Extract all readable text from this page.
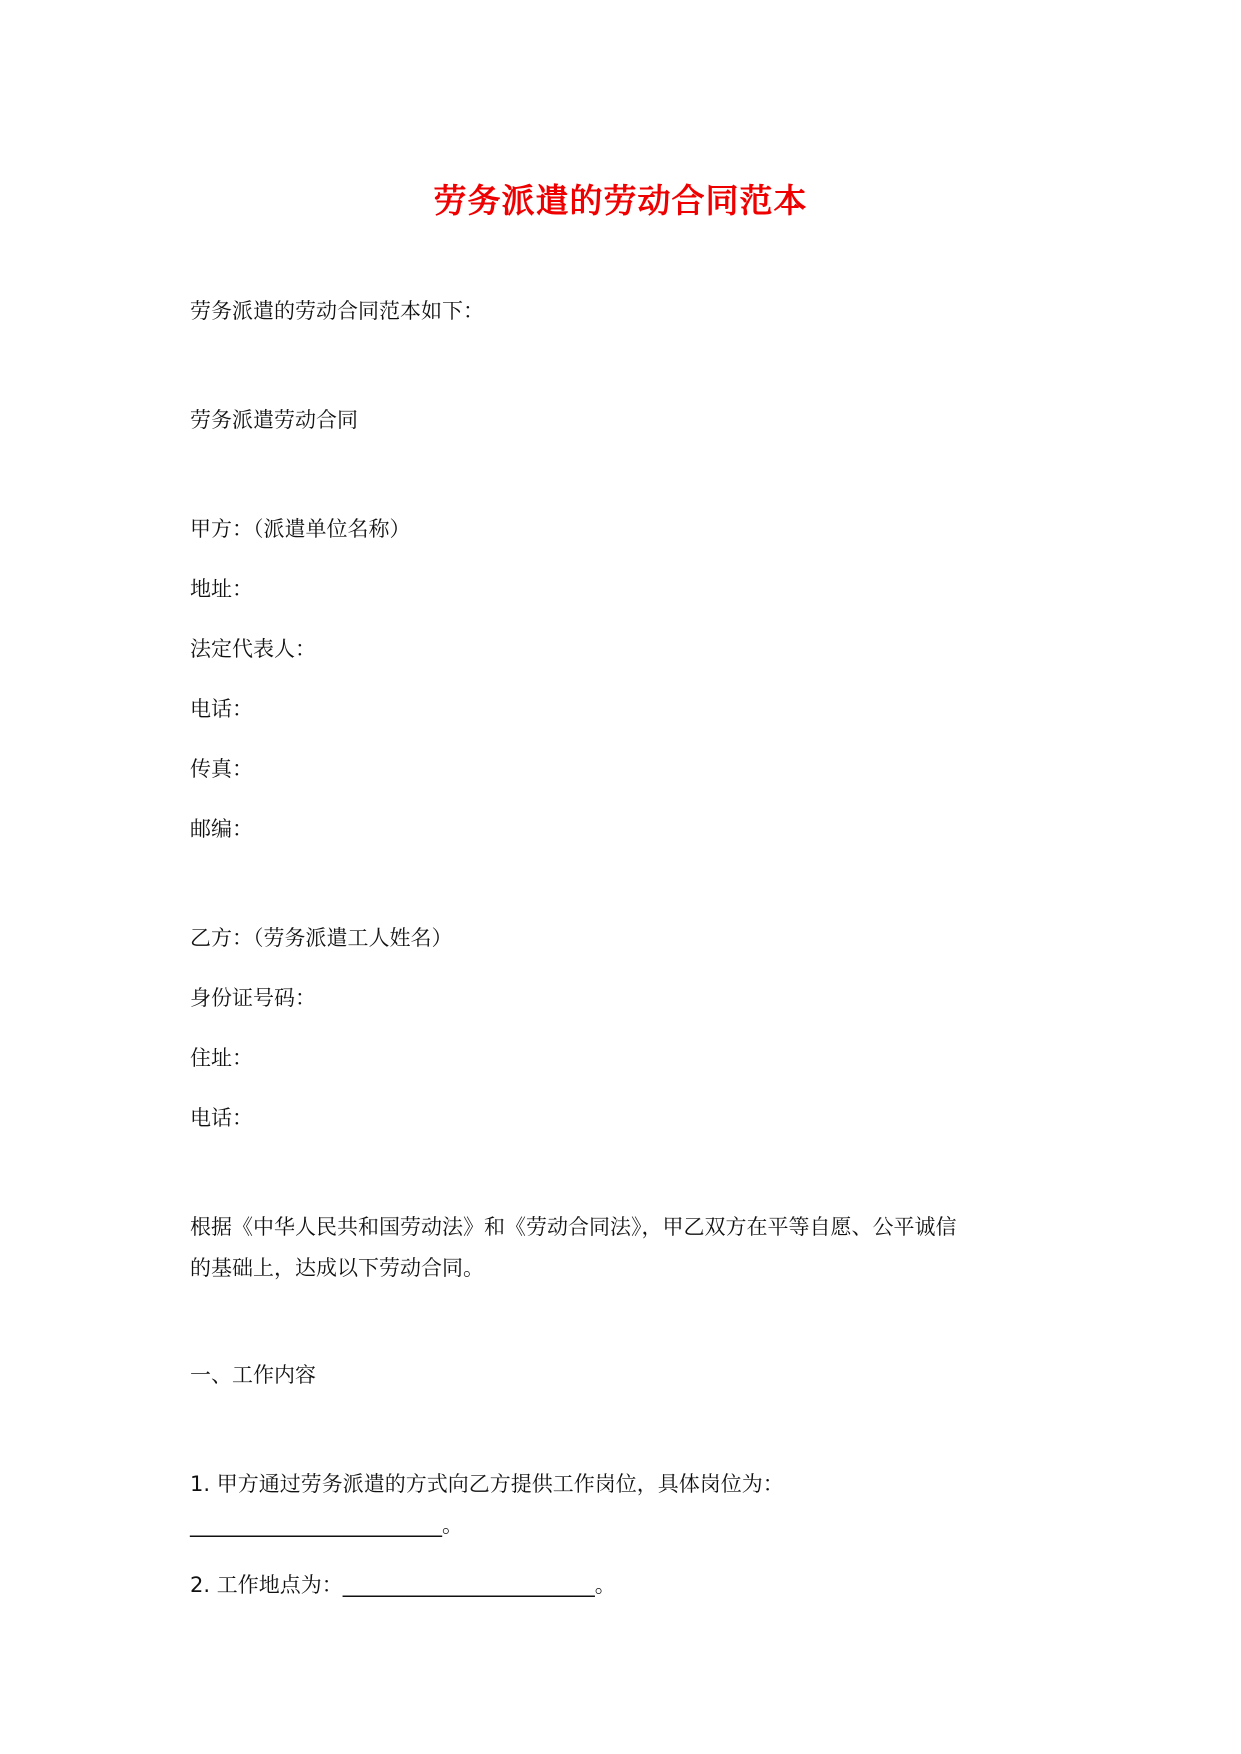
劳务派遣的劳动合同范本
劳务派遣的劳动合同范本如下：
劳务派遣劳动合同
甲方：（派遣单位名称）
地址：
法定代表人：
电话：
传真：
邮编：
乙方：（劳务派遣工人姓名）
身份证号码：
住址：
电话：
根据《中华人民共和国劳动法》和《劳动合同法》，甲乙双方在平等自愿、公平诚信
的基础上，达成以下劳动合同。
一、工作内容
1. 甲方通过劳务派遣的方式向乙方提供工作岗位，具体岗位为：
________________________。
2. 工作地点为：________________________。
